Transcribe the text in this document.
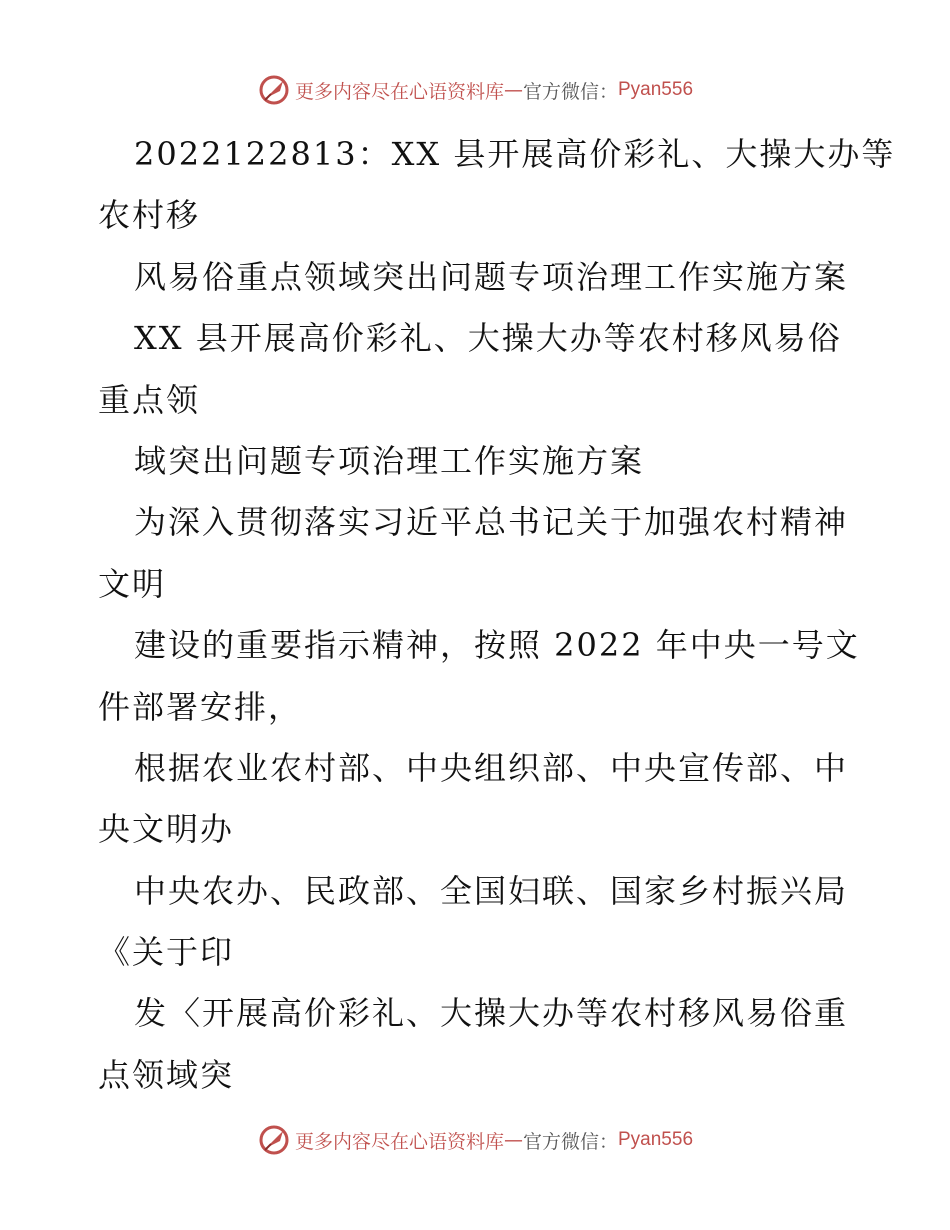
更多内容尽在心语资料库 — 官方微信： Pyan556
2022122813：XX 县开展高价彩礼、大操大办等
农村移
风易俗重点领域突出问题专项治理工作实施方案
XX 县开展高价彩礼、大操大办等农村移风易俗
重点领
域突出问题专项治理工作实施方案
为深入贯彻落实习近平总书记关于加强农村精神
文明
建设的重要指示精神，按照 2022 年中央一号文
件部署安排，
根据农业农村部、中央组织部、中央宣传部、中
央文明办
中央农办、民政部、全国妇联、国家乡村振兴局
《关于印
发〈开展高价彩礼、大操大办等农村移风易俗重
点领域突
更多内容尽在心语资料库 — 官方微信： Pyan556
